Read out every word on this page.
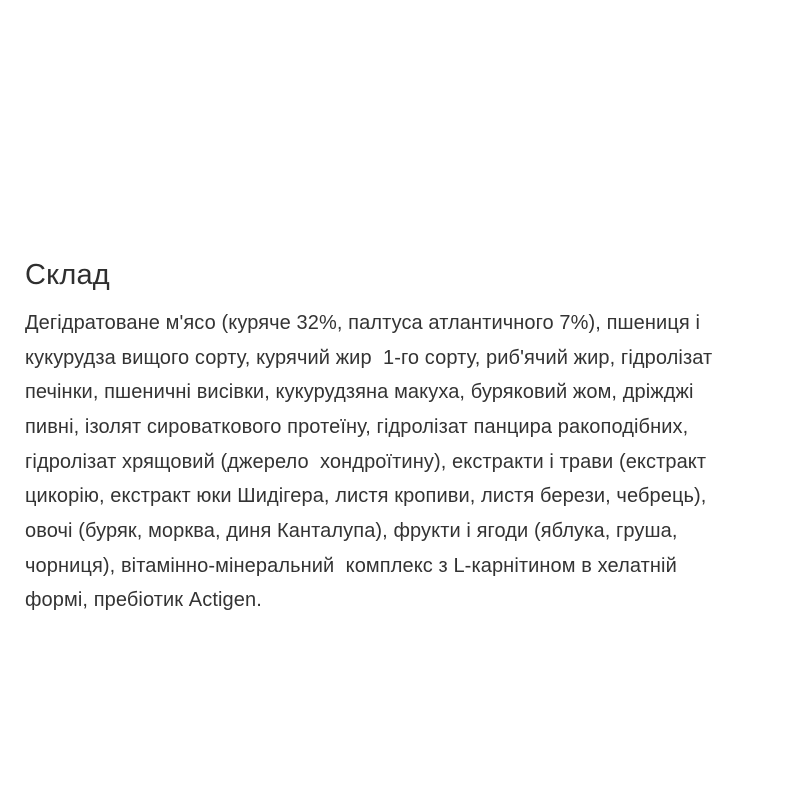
Склад
Дегідратоване м'ясо (куряче 32%, палтуса атлантичного 7%), пшениця і
кукурудза вищого сорту, курячий жир  1-го сорту, риб'ячий жир, гідролізат
печінки, пшеничні висівки, кукурудзяна макуха, буряковий жом, дріжджі
пивні, ізолят сироваткового протеїну, гідролізат панцира ракоподібних,
гідролізат хрящовий (джерело  хондроїтину), екстракти і трави (екстракт
цикорію, екстракт юки Шидігера, листя кропиви, листя берези, чебрець),
овочі (буряк, морква, диня Канталупа), фрукти і ягоди (яблука, груша,
чорниця), вітамінно-мінеральний  комплекс з L-карнітином в хелатній
формі, пребіотик Actigen.
